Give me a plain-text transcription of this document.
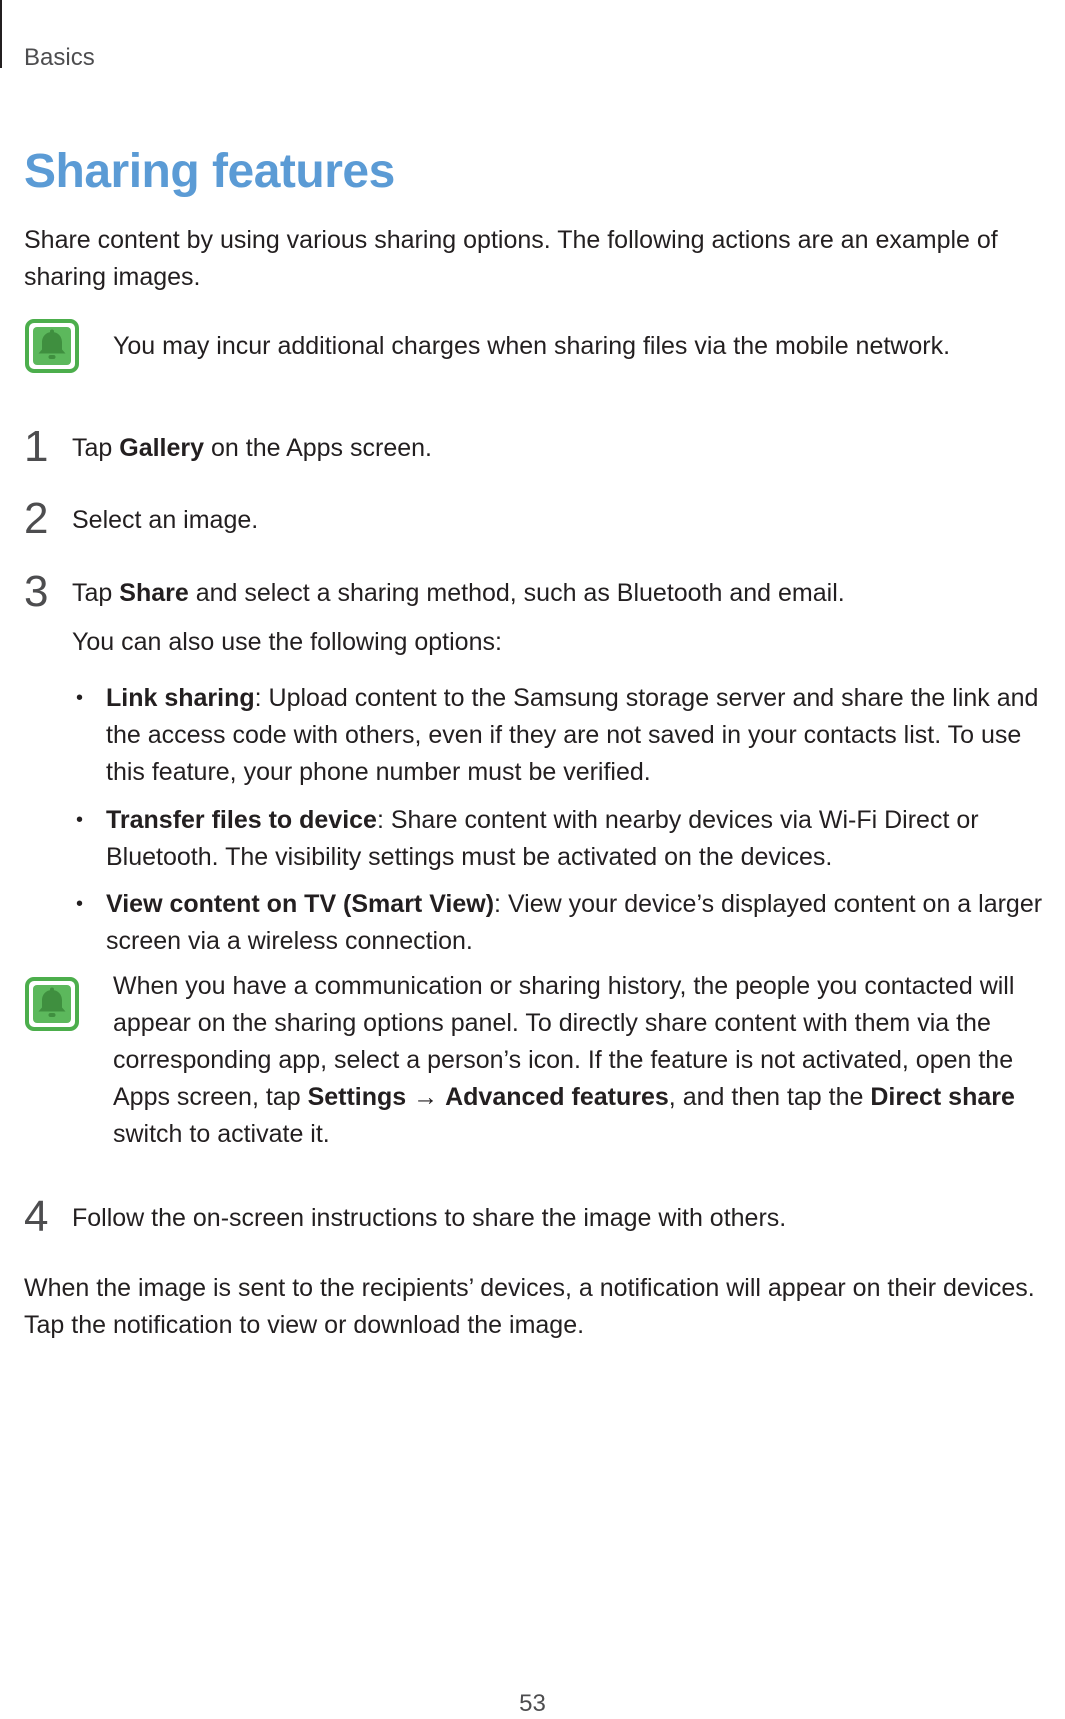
Basics
Sharing features

Share content by using various sharing options. The following actions are an example of sharing images.

You may incur additional charges when sharing files via the mobile network.

1 Tap Gallery on the Apps screen.

2 Select an image.

3 Tap Share and select a sharing method, such as Bluetooth and email.

You can also use the following options:

• Link sharing: Upload content to the Samsung storage server and share the link and the access code with others, even if they are not saved in your contacts list. To use this feature, your phone number must be verified.

• Transfer files to device: Share content with nearby devices via Wi-Fi Direct or Bluetooth. The visibility settings must be activated on the devices.

• View content on TV (Smart View): View your device’s displayed content on a larger screen via a wireless connection.

When you have a communication or sharing history, the people you contacted will appear on the sharing options panel. To directly share content with them via the corresponding app, select a person’s icon. If the feature is not activated, open the Apps screen, tap Settings → Advanced features, and then tap the Direct share switch to activate it.

4 Follow the on-screen instructions to share the image with others.

When the image is sent to the recipients’ devices, a notification will appear on their devices. Tap the notification to view or download the image.

53
